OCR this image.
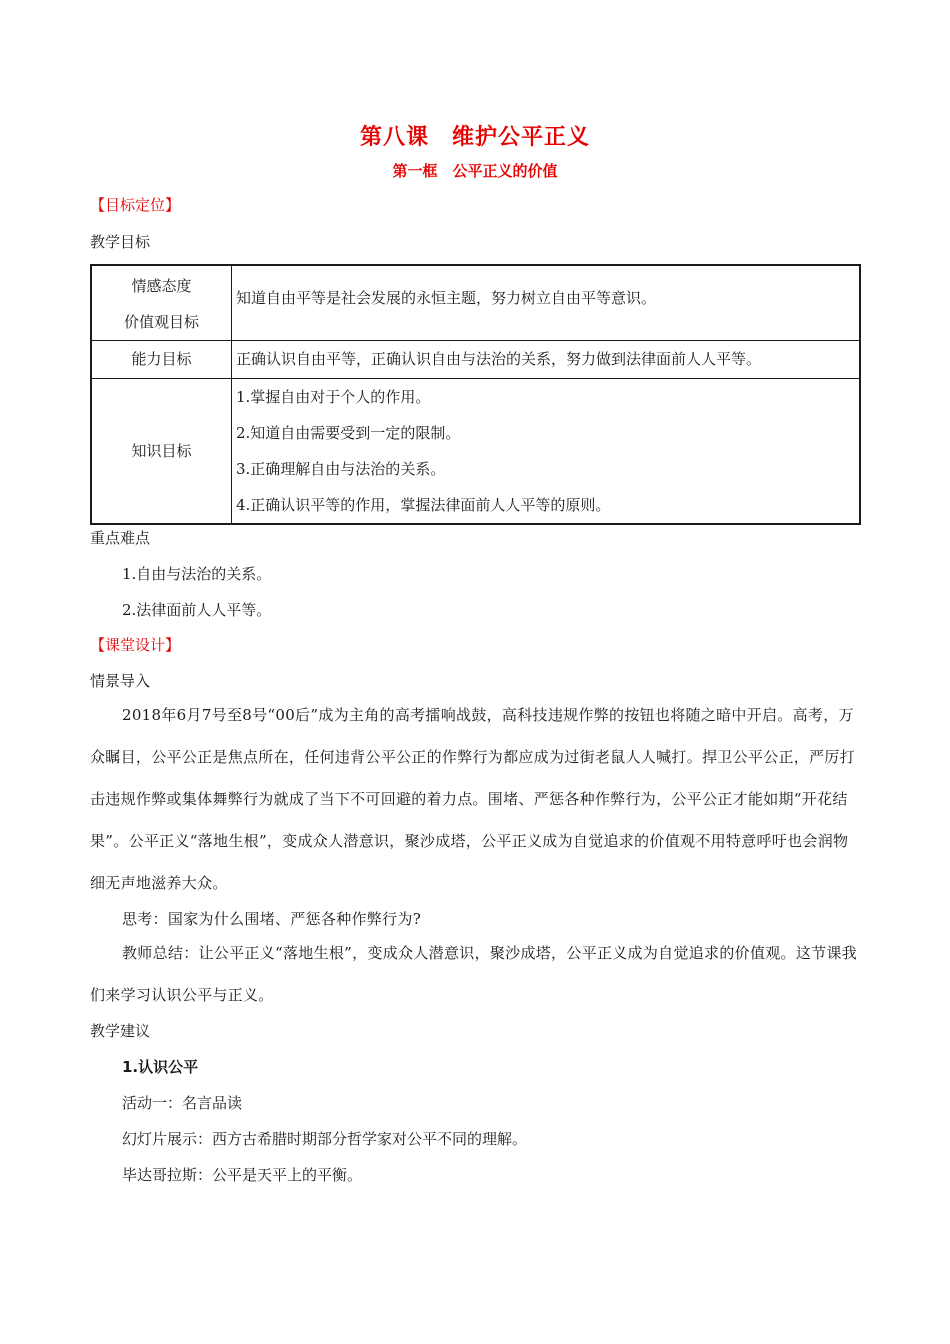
第八课　维护公平正义
第一框　公平正义的价值
【目标定位】
教学目标
情感态度
价值观目标	知道自由平等是社会发展的永恒主题，努力树立自由平等意识。

能力目标	正确认识自由平等，正确认识自由与法治的关系，努力做到法律面前人人平等。

知识目标	1.掌握自由对于个人的作用。
2.知道自由需要受到一定的限制。
3.正确理解自由与法治的关系。
4.正确认识平等的作用，掌握法律面前人人平等的原则。
重点难点
1.自由与法治的关系。
2.法律面前人人平等。
【课堂设计】
情景导入
2018年6月7号至8号“00后”成为主角的高考擂响战鼓，高科技违规作弊的按钮也将随之暗中开启。高考，万众瞩目，公平公正是焦点所在，任何违背公平公正的作弊行为都应成为过街老鼠人人喊打。捍卫公平公正，严厉打击违规作弊或集体舞弊行为就成了当下不可回避的着力点。围堵、严惩各种作弊行为，公平公正才能如期“开花结果”。公平正义“落地生根”，变成众人潜意识，聚沙成塔，公平正义成为自觉追求的价值观不用特意呼吁也会润物细无声地滋养大众。
思考：国家为什么围堵、严惩各种作弊行为?
教师总结：让公平正义“落地生根”，变成众人潜意识，聚沙成塔，公平正义成为自觉追求的价值观。这节课我们来学习认识公平与正义。
教学建议
1.认识公平
活动一：名言品读
幻灯片展示：西方古希腊时期部分哲学家对公平不同的理解。
毕达哥拉斯：公平是天平上的平衡。
